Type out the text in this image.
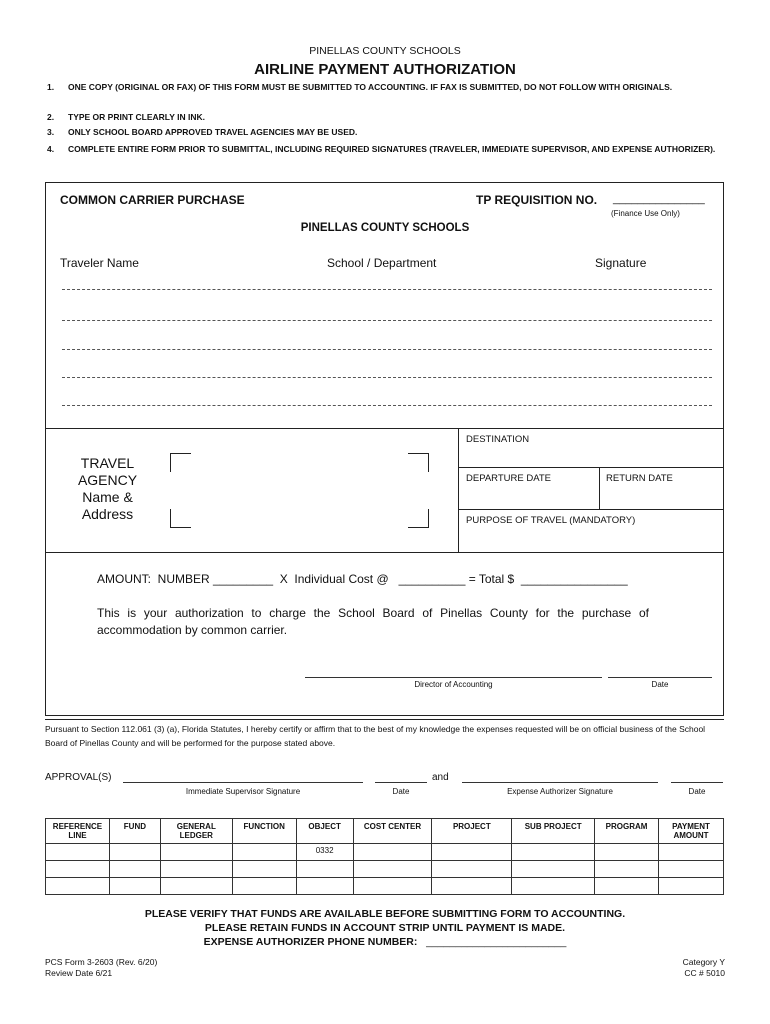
PINELLAS COUNTY SCHOOLS
AIRLINE PAYMENT AUTHORIZATION
1. ONE COPY (ORIGINAL OR FAX) OF THIS FORM MUST BE SUBMITTED TO ACCOUNTING. IF FAX IS SUBMITTED, DO NOT FOLLOW WITH ORIGINALS.
2. TYPE OR PRINT CLEARLY IN INK.
3. ONLY SCHOOL BOARD APPROVED TRAVEL AGENCIES MAY BE USED.
4. COMPLETE ENTIRE FORM PRIOR TO SUBMITTAL, INCLUDING REQUIRED SIGNATURES (TRAVELER, IMMEDIATE SUPERVISOR, AND EXPENSE AUTHORIZER).
COMMON CARRIER PURCHASE	TP REQUISITION NO. _______________
(Finance Use Only)
PINELLAS COUNTY SCHOOLS
Traveler Name	School / Department	Signature
TRAVEL
AGENCY
Name &
Address
DESTINATION
DEPARTURE DATE	RETURN DATE
PURPOSE OF TRAVEL (MANDATORY)
AMOUNT:  NUMBER _________  X  Individual Cost @   __________ = Total $  ________________
This is your authorization to charge the School Board of Pinellas County for the purchase of accommodation by common carrier.
Director of Accounting	Date
Pursuant to Section 112.061 (3) (a), Florida Statutes, I hereby certify or affirm that to the best of my knowledge the expenses requested will be on official business of the School Board of Pinellas County and will be performed for the purpose stated above.
APPROVAL(S)	and
Immediate Supervisor Signature	Date	Expense Authorizer Signature	Date
REFERENCE LINE	FUND	GENERAL LEDGER	FUNCTION	OBJECT	COST CENTER	PROJECT	SUB PROJECT	PROGRAM	PAYMENT AMOUNT
				0332					

PLEASE VERIFY THAT FUNDS ARE AVAILABLE BEFORE SUBMITTING FORM TO ACCOUNTING.
PLEASE RETAIN FUNDS IN ACCOUNT STRIP UNTIL PAYMENT IS MADE.
EXPENSE AUTHORIZER PHONE NUMBER: ________________________
PCS Form 3-2603 (Rev. 6/20)
Review Date 6/21
Category Y
CC # 5010
